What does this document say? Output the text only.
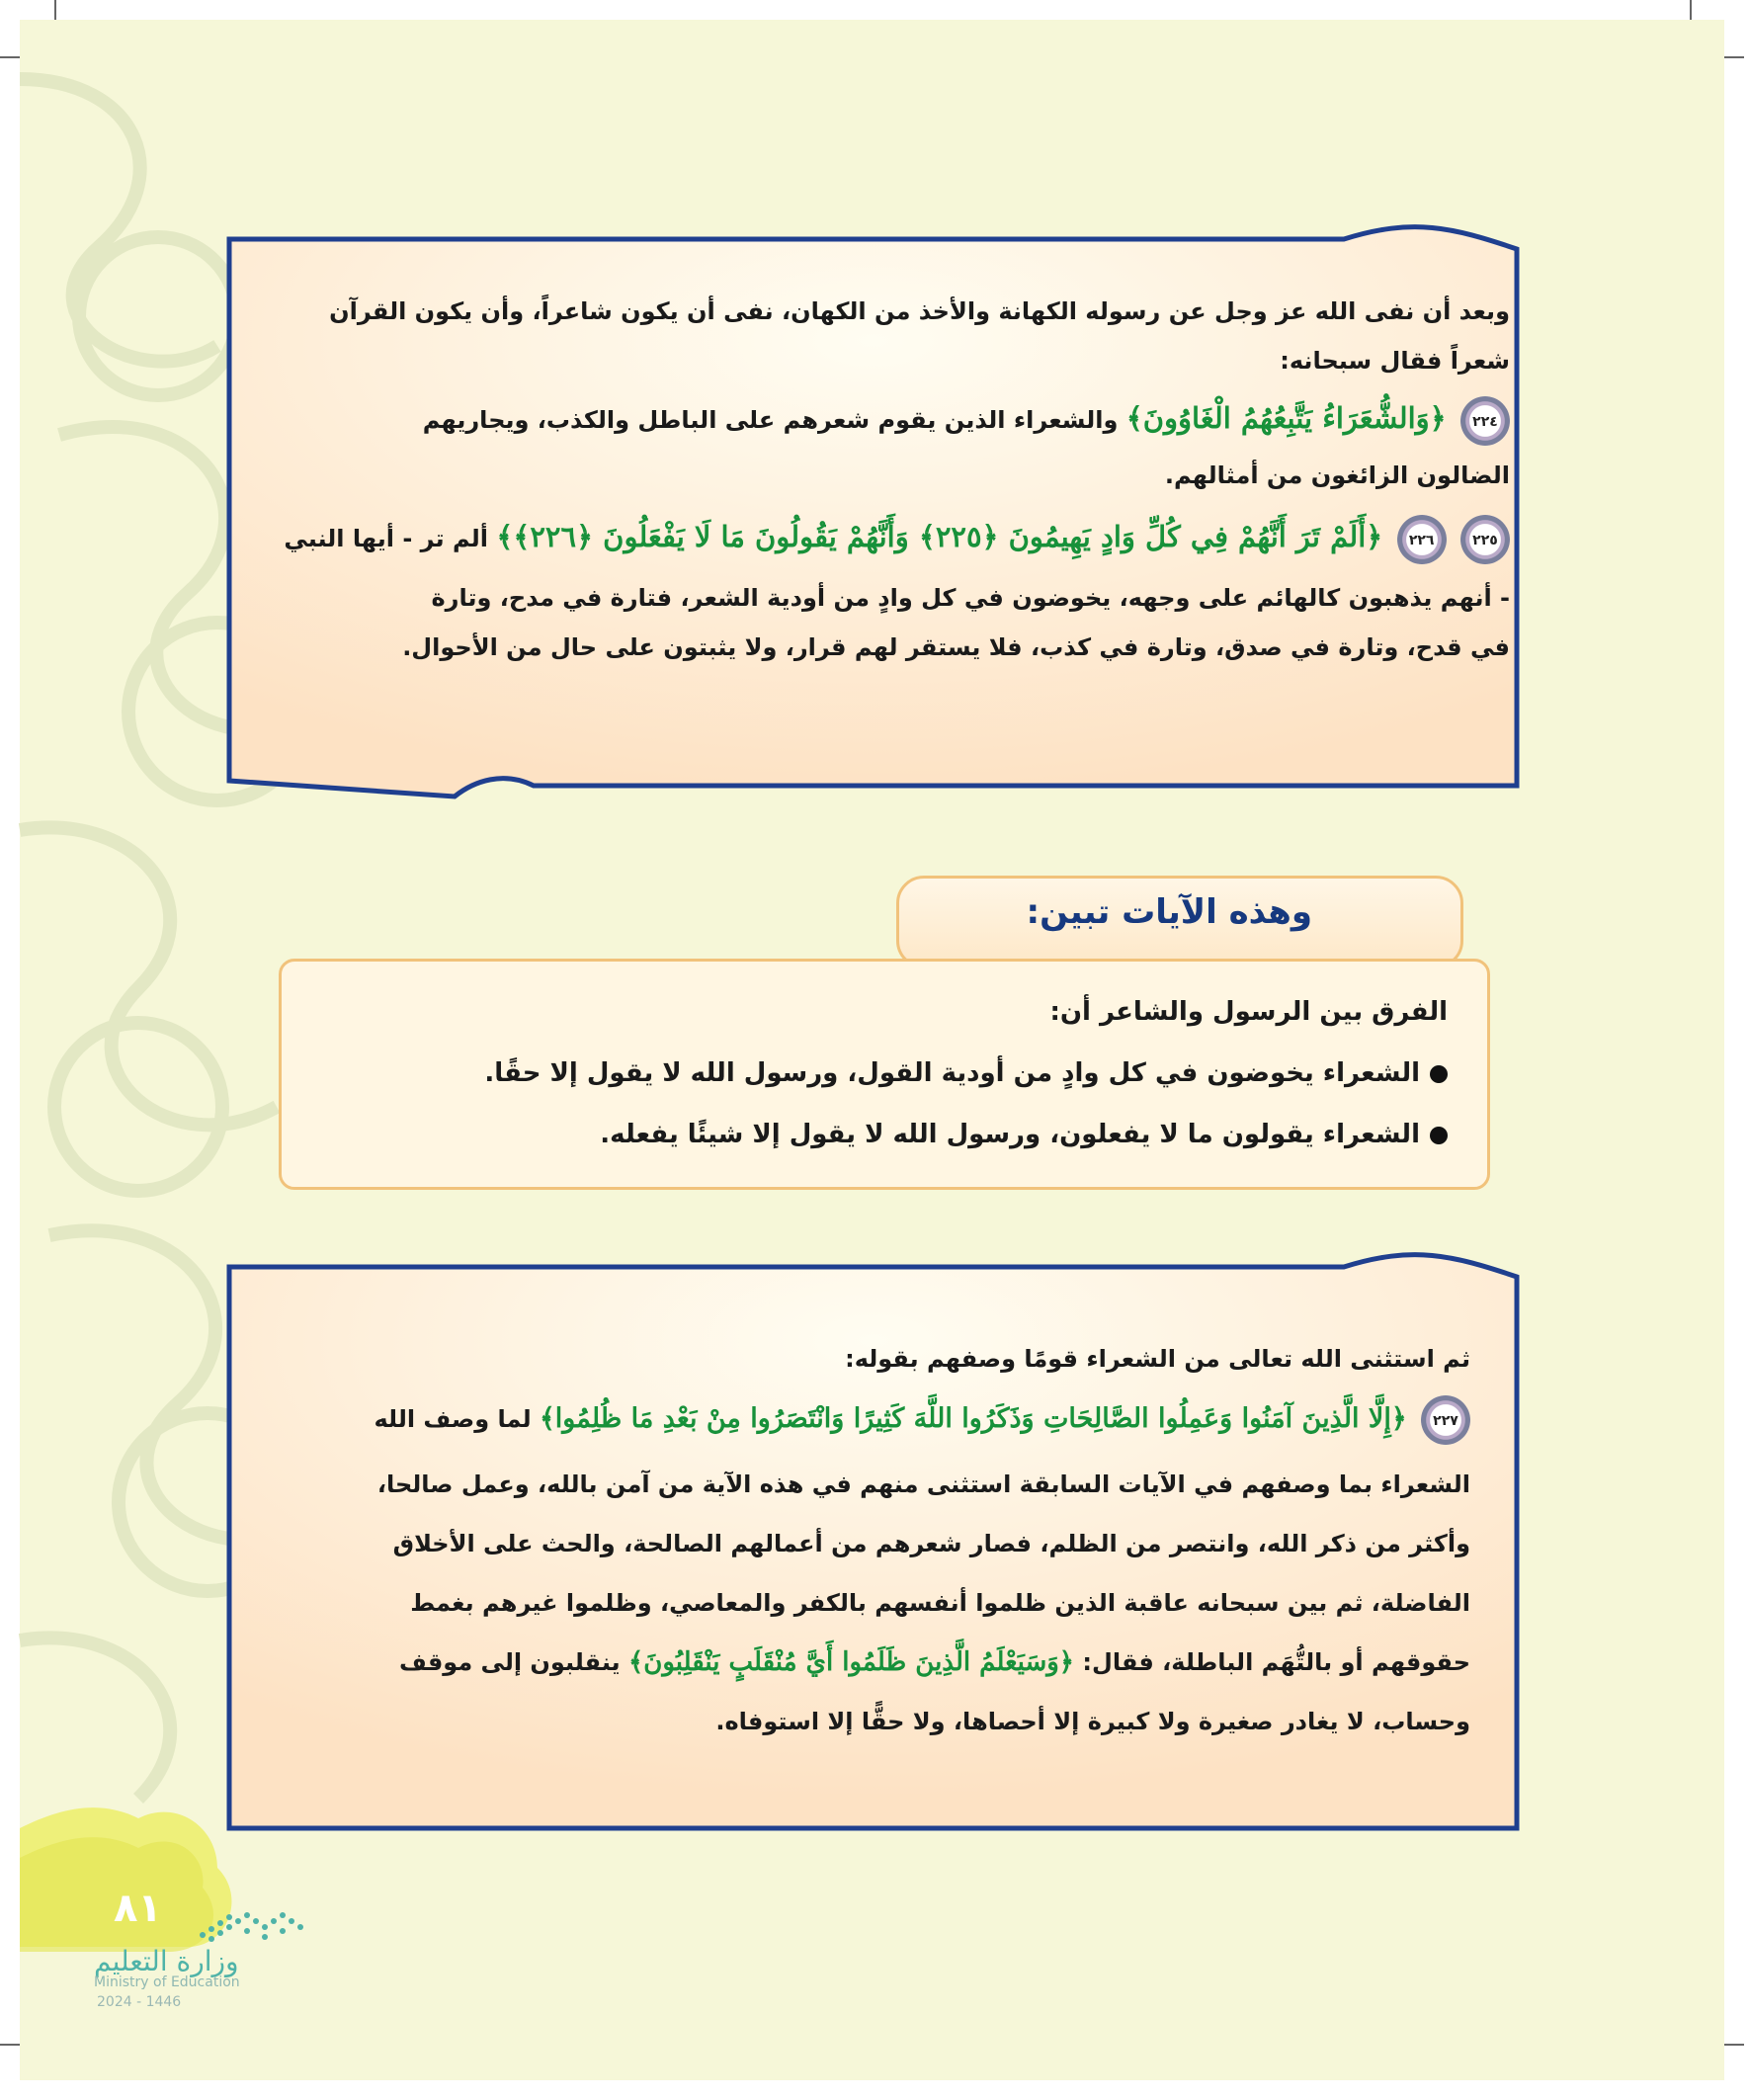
وبعد أن نفى الله عز وجل عن رسوله الكهانة والأخذ من الكهان، نفى أن يكون شاعراً، وأن يكون القرآن
شعراً فقال سبحانه:
٢٢٤ ﴿وَالشُّعَرَاءُ يَتَّبِعُهُمُ الْغَاوُونَ﴾ والشعراء الذين يقوم شعرهم على الباطل والكذب، ويجاريهم
الضالون الزائغون من أمثالهم.
٢٢٥ ٢٢٦ ﴿أَلَمْ تَرَ أَنَّهُمْ فِي كُلِّ وَادٍ يَهِيمُونَ ﴿٢٢٥﴾ وَأَنَّهُمْ يَقُولُونَ مَا لَا يَفْعَلُونَ ﴿٢٢٦﴾﴾ ألم تر - أيها النبي
- أنهم يذهبون كالهائم على وجهه، يخوضون في كل وادٍ من أودية الشعر، فتارة في مدح، وتارة
في قدح، وتارة في صدق، وتارة في كذب، فلا يستقر لهم قرار، ولا يثبتون على حال من الأحوال.
وهذه الآيات تبين:
الفرق بين الرسول والشاعر أن:
الشعراء يخوضون في كل وادٍ من أودية القول، ورسول الله لا يقول إلا حقًا.
الشعراء يقولون ما لا يفعلون، ورسول الله لا يقول إلا شيئًا يفعله.
ثم استثنى الله تعالى من الشعراء قومًا وصفهم بقوله:
٢٢٧ ﴿إِلَّا الَّذِينَ آمَنُوا وَعَمِلُوا الصَّالِحَاتِ وَذَكَرُوا اللَّهَ كَثِيرًا وَانْتَصَرُوا مِنْ بَعْدِ مَا ظُلِمُوا﴾ لما وصف الله
الشعراء بما وصفهم في الآيات السابقة استثنى منهم في هذه الآية من آمن بالله، وعمل صالحا،
وأكثر من ذكر الله، وانتصر من الظلم، فصار شعرهم من أعمالهم الصالحة، والحث على الأخلاق
الفاضلة، ثم بين سبحانه عاقبة الذين ظلموا أنفسهم بالكفر والمعاصي، وظلموا غيرهم بغمط
حقوقهم أو بالتُّهَم الباطلة، فقال: ﴿وَسَيَعْلَمُ الَّذِينَ ظَلَمُوا أَيَّ مُنْقَلَبٍ يَنْقَلِبُونَ﴾ ينقلبون إلى موقف
وحساب، لا يغادر صغيرة ولا كبيرة إلا أحصاها، ولا حقًّا إلا استوفاه.
٨١
وزارة التعليم
Ministry of Education
2024 - 1446
